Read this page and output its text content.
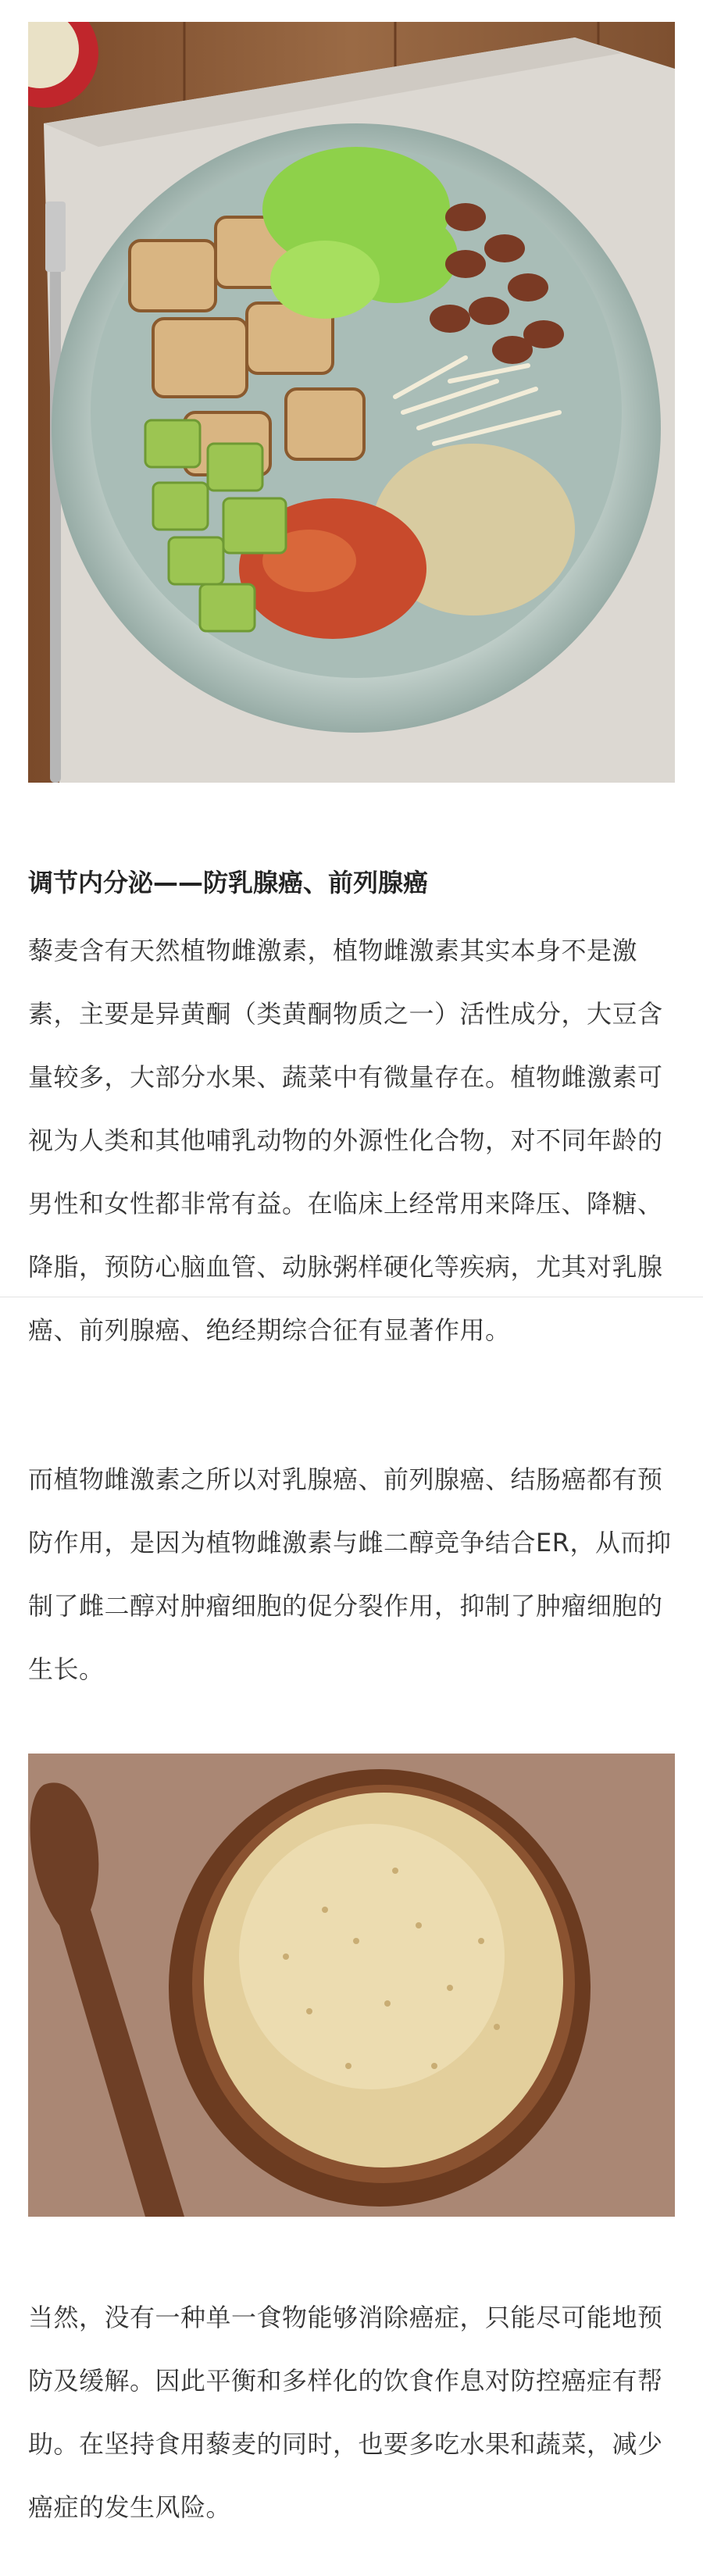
调节内分泌——防乳腺癌、前列腺癌

藜麦含有天然植物雌激素，植物雌激素其实本身不是激素，主要是异黄酮（类黄酮物质之一）活性成分，大豆含量较多，大部分水果、蔬菜中有微量存在。植物雌激素可视为人类和其他哺乳动物的外源性化合物，对不同年龄的男性和女性都非常有益。在临床上经常用来降压、降糖、降脂，预防心脑血管、动脉粥样硬化等疾病，尤其对乳腺癌、前列腺癌、绝经期综合征有显著作用。

而植物雌激素之所以对乳腺癌、前列腺癌、结肠癌都有预防作用，是因为植物雌激素与雌二醇竞争结合ER，从而抑制了雌二醇对肿瘤细胞的促分裂作用，抑制了肿瘤细胞的生长。

当然，没有一种单一食物能够消除癌症，只能尽可能地预防及缓解。因此平衡和多样化的饮食作息对防控癌症有帮助。在坚持食用藜麦的同时，也要多吃水果和蔬菜，减少癌症的发生风险。
